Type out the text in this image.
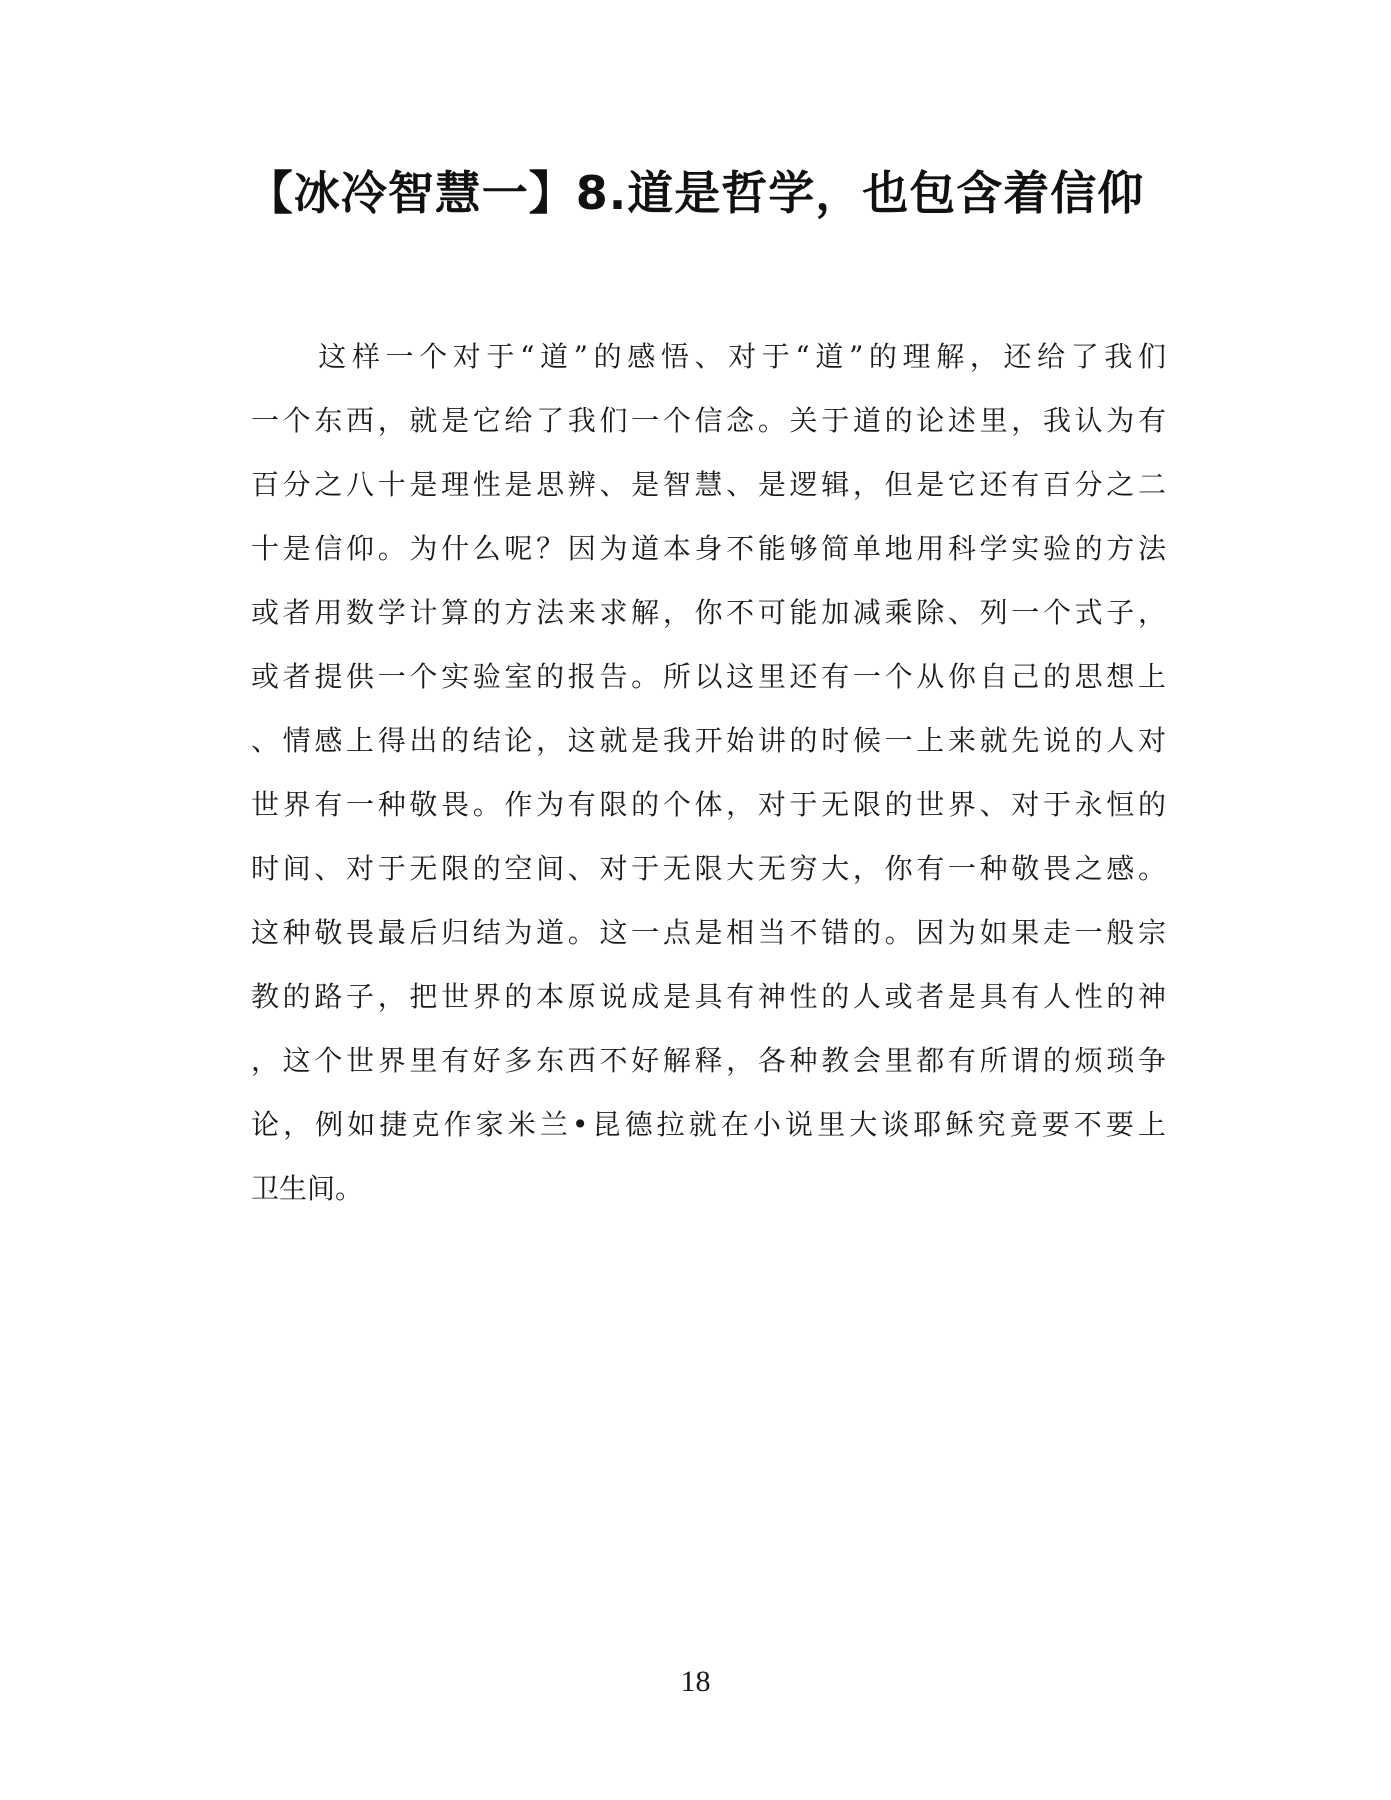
【冰冷智慧一】8.道是哲学，也包含着信仰
　　这样一个对于“道”的感悟、对于“道”的理解，还给了我们
一个东西，就是它给了我们一个信念。关于道的论述里，我认为有
百分之八十是理性是思辨、是智慧、是逻辑，但是它还有百分之二
十是信仰。为什么呢？因为道本身不能够简单地用科学实验的方法
或者用数学计算的方法来求解，你不可能加减乘除、列一个式子，
或者提供一个实验室的报告。所以这里还有一个从你自己的思想上
、情感上得出的结论，这就是我开始讲的时候一上来就先说的人对
世界有一种敬畏。作为有限的个体，对于无限的世界、对于永恒的
时间、对于无限的空间、对于无限大无穷大，你有一种敬畏之感。
这种敬畏最后归结为道。这一点是相当不错的。因为如果走一般宗
教的路子，把世界的本原说成是具有神性的人或者是具有人性的神
，这个世界里有好多东西不好解释，各种教会里都有所谓的烦琐争
论，例如捷克作家米兰•昆德拉就在小说里大谈耶稣究竟要不要上
卫生间。
18
